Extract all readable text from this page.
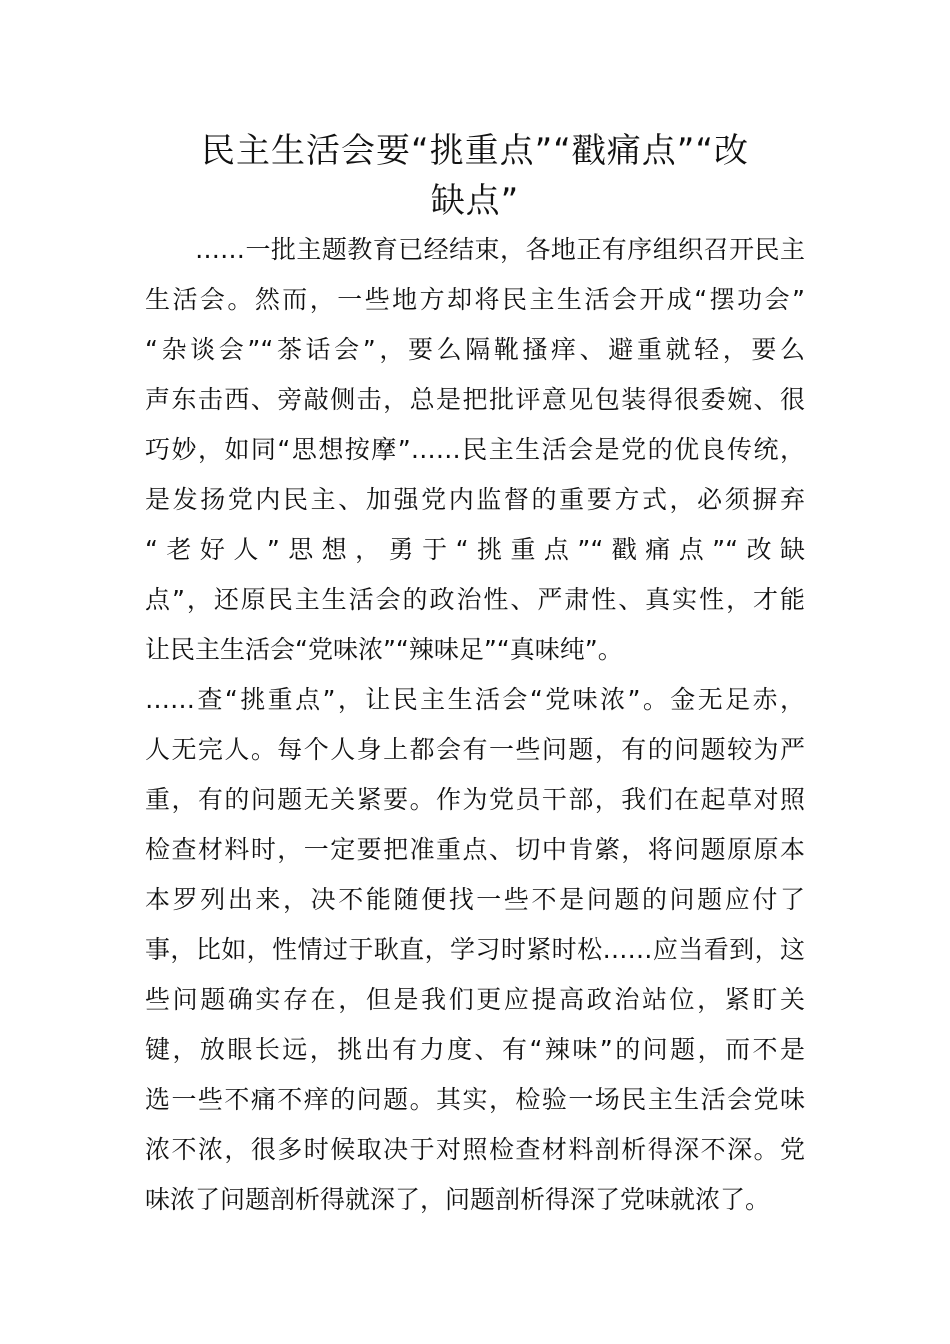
民主生活会要“挑重点”“戳痛点”“改
缺点”

……一批主题教育已经结束，各地正有序组织召开民主

生活会。然而，一些地方却将民主生活会开成“摆功会”

“杂谈会”“茶话会”，要么隔靴搔痒、避重就轻，要么

声东击西、旁敲侧击，总是把批评意见包装得很委婉、很

巧妙，如同“思想按摩”……民主生活会是党的优良传统，

是发扬党内民主、加强党内监督的重要方式，必须摒弃

“老好人”思想，勇于“挑重点”“戳痛点”“改缺

点”，还原民主生活会的政治性、严肃性、真实性，才能

让民主生活会“党味浓”“辣味足”“真味纯”。

……查“挑重点”，让民主生活会“党味浓”。金无足赤，

人无完人。每个人身上都会有一些问题，有的问题较为严

重，有的问题无关紧要。作为党员干部，我们在起草对照

检查材料时，一定要把准重点、切中肯綮，将问题原原本

本罗列出来，决不能随便找一些不是问题的问题应付了

事，比如，性情过于耿直，学习时紧时松……应当看到，这

些问题确实存在，但是我们更应提高政治站位，紧盯关

键，放眼长远，挑出有力度、有“辣味”的问题，而不是

选一些不痛不痒的问题。其实，检验一场民主生活会党味

浓不浓，很多时候取决于对照检查材料剖析得深不深。党

味浓了问题剖析得就深了，问题剖析得深了党味就浓了。
